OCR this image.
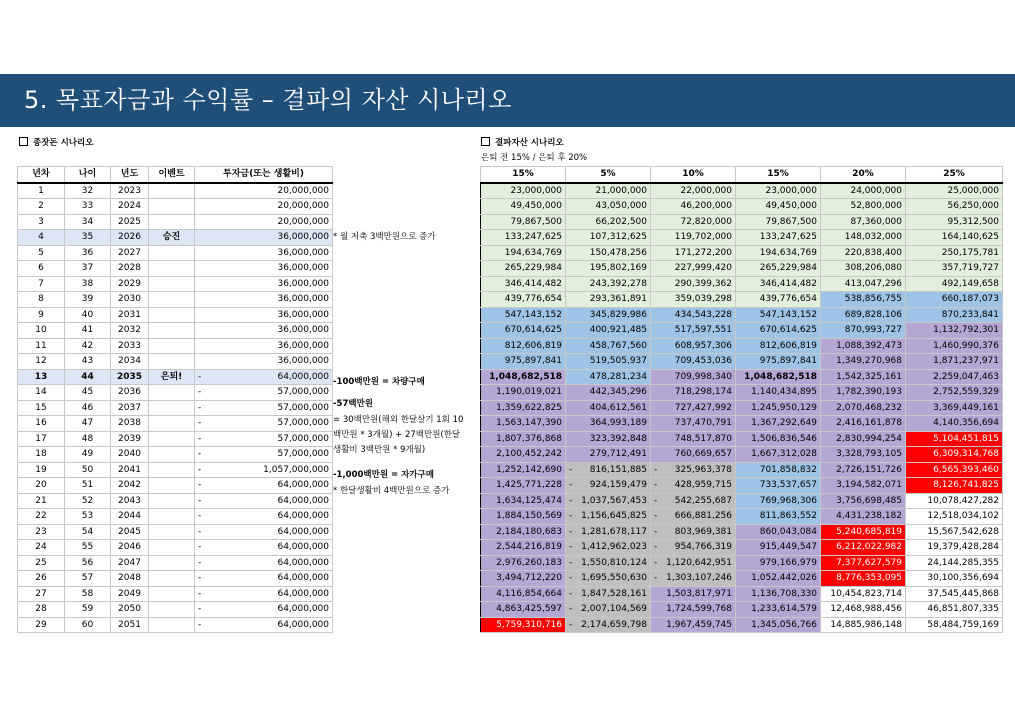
5. 목표자금과 수익률 – 결파의 자산 시나리오
종잣돈 시나리오	결파자산 시나리오
은퇴 전 15% / 은퇴 후 20%
년차	나이	년도	이벤트	투자금(또는 생활비)
1	32	2023		20,000,000
2	33	2024		20,000,000
3	34	2025		20,000,000
4	35	2026	승진	36,000,000
5	36	2027		36,000,000
6	37	2028		36,000,000
7	38	2029		36,000,000
8	39	2030		36,000,000
9	40	2031		36,000,000
10	41	2032		36,000,000
11	42	2033		36,000,000
12	43	2034		36,000,000
13	44	2035	은퇴!	- 64,000,000
14	45	2036		- 57,000,000
15	46	2037		- 57,000,000
16	47	2038		- 57,000,000
17	48	2039		- 57,000,000
18	49	2040		- 57,000,000
19	50	2041		- 1,057,000,000
20	51	2042		- 64,000,000
21	52	2043		- 64,000,000
22	53	2044		- 64,000,000
23	54	2045		- 64,000,000
24	55	2046		- 64,000,000
25	56	2047		- 64,000,000
26	57	2048		- 64,000,000
27	58	2049		- 64,000,000
28	59	2050		- 64,000,000
29	60	2051		- 64,000,000
* 월 저축 3백만원으로 증가
-100백만원 = 차량구매
-57백만원
= 30백만원(해외 한달살기 1회 10
백만원 * 3개월) + 27백만원(한달
생활비 3백만원 * 9개월)
-1,000백만원 = 자가구매
* 한달생활비 4백만원으로 증가
15%	5%	10%	15%	20%	25%
23,000,000	21,000,000	22,000,000	23,000,000	24,000,000	25,000,000
49,450,000	43,050,000	46,200,000	49,450,000	52,800,000	56,250,000
79,867,500	66,202,500	72,820,000	79,867,500	87,360,000	95,312,500
133,247,625	107,312,625	119,702,000	133,247,625	148,032,000	164,140,625
194,634,769	150,478,256	171,272,200	194,634,769	220,838,400	250,175,781
265,229,984	195,802,169	227,999,420	265,229,984	308,206,080	357,719,727
346,414,482	243,392,278	290,399,362	346,414,482	413,047,296	492,149,658
439,776,654	293,361,891	359,039,298	439,776,654	538,856,755	660,187,073
547,143,152	345,829,986	434,543,228	547,143,152	689,828,106	870,233,841
670,614,625	400,921,485	517,597,551	670,614,625	870,993,727	1,132,792,301
812,606,819	458,767,560	608,957,306	812,606,819	1,088,392,473	1,460,990,376
975,897,841	519,505,937	709,453,036	975,897,841	1,349,270,968	1,871,237,971
1,048,682,518	478,281,234	709,998,340	1,048,682,518	1,542,325,161	2,259,047,463
1,190,019,021	442,345,296	718,298,174	1,140,434,895	1,782,390,193	2,752,559,329
1,359,622,825	404,612,561	727,427,992	1,245,950,129	2,070,468,232	3,369,449,161
1,563,147,390	364,993,189	737,470,791	1,367,292,649	2,416,161,878	4,140,356,694
1,807,376,868	323,392,848	748,517,870	1,506,836,546	2,830,994,254	5,104,451,815
2,100,452,242	279,712,491	760,669,657	1,667,312,028	3,328,793,105	6,309,314,768
1,252,142,690	- 816,151,885	- 325,963,378	701,858,832	2,726,151,726	6,565,393,460
1,425,771,228	- 924,159,479	- 428,959,715	733,537,657	3,194,582,071	8,126,741,825
1,634,125,474	- 1,037,567,453	- 542,255,687	769,968,306	3,756,698,485	10,078,427,282
1,884,150,569	- 1,156,645,825	- 666,881,256	811,863,552	4,431,238,182	12,518,034,102
2,184,180,683	- 1,281,678,117	- 803,969,381	860,043,084	5,240,685,819	15,567,542,628
2,544,216,819	- 1,412,962,023	- 954,766,319	915,449,547	6,212,022,982	19,379,428,284
2,976,260,183	- 1,550,810,124	- 1,120,642,951	979,166,979	7,377,627,579	24,144,285,355
3,494,712,220	- 1,695,550,630	- 1,303,107,246	1,052,442,026	8,776,353,095	30,100,356,694
4,116,854,664	- 1,847,528,161	1,503,817,971	1,136,708,330	10,454,823,714	37,545,445,868
4,863,425,597	- 2,007,104,569	1,724,599,768	1,233,614,579	12,468,988,456	46,851,807,335
5,759,310,716	- 2,174,659,798	1,967,459,745	1,345,056,766	14,885,986,148	58,484,759,169
